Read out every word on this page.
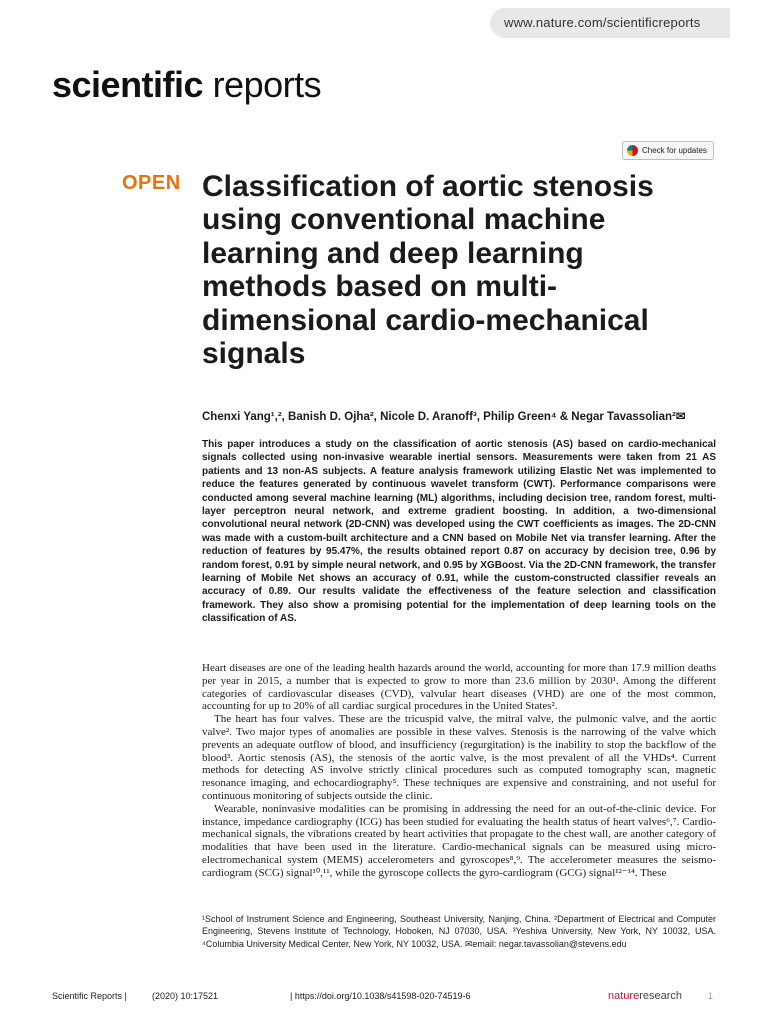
www.nature.com/scientificreports
scientific reports
Check for updates
OPEN Classification of aortic stenosis using conventional machine learning and deep learning methods based on multi-dimensional cardio-mechanical signals
Chenxi Yang¹,², Banish D. Ojha², Nicole D. Aranoff³, Philip Green⁴ & Negar Tavassolian²✉

This paper introduces a study on the classification of aortic stenosis (AS) based on cardio-mechanical signals collected using non-invasive wearable inertial sensors. Measurements were taken from 21 AS patients and 13 non-AS subjects. A feature analysis framework utilizing Elastic Net was implemented to reduce the features generated by continuous wavelet transform (CWT). Performance comparisons were conducted among several machine learning (ML) algorithms, including decision tree, random forest, multi-layer perceptron neural network, and extreme gradient boosting. In addition, a two-dimensional convolutional neural network (2D-CNN) was developed using the CWT coefficients as images. The 2D-CNN was made with a custom-built architecture and a CNN based on Mobile Net via transfer learning. After the reduction of features by 95.47%, the results obtained report 0.87 on accuracy by decision tree, 0.96 by random forest, 0.91 by simple neural network, and 0.95 by XGBoost. Via the 2D-CNN framework, the transfer learning of Mobile Net shows an accuracy of 0.91, while the custom-constructed classifier reveals an accuracy of 0.89. Our results validate the effectiveness of the feature selection and classification framework. They also show a promising potential for the implementation of deep learning tools on the classification of AS.

Heart diseases are one of the leading health hazards around the world, accounting for more than 17.9 million deaths per year in 2015, a number that is expected to grow to more than 23.6 million by 2030¹. Among the different categories of cardiovascular diseases (CVD), valvular heart diseases (VHD) are one of the most common, accounting for up to 20% of all cardiac surgical procedures in the United States².

The heart has four valves. These are the tricuspid valve, the mitral valve, the pulmonic valve, and the aortic valve². Two major types of anomalies are possible in these valves. Stenosis is the narrowing of the valve which prevents an adequate outflow of blood, and insufficiency (regurgitation) is the inability to stop the backflow of the blood³. Aortic stenosis (AS), the stenosis of the aortic valve, is the most prevalent of all the VHDs⁴. Current methods for detecting AS involve strictly clinical procedures such as computed tomography scan, magnetic resonance imaging, and echocardiography⁵. These techniques are expensive and constraining, and not useful for continuous monitoring of subjects outside the clinic.

Wearable, noninvasive modalities can be promising in addressing the need for an out-of-the-clinic device. For instance, impedance cardiography (ICG) has been studied for evaluating the health status of heart valves⁶,⁷. Cardio-mechanical signals, the vibrations created by heart activities that propagate to the chest wall, are another category of modalities that have been used in the literature. Cardio-mechanical signals can be measured using micro-electromechanical system (MEMS) accelerometers and gyroscopes⁸,⁹. The accelerometer measures the seismo-cardiogram (SCG) signal¹⁰,¹¹, while the gyroscope collects the gyro-cardiogram (GCG) signal¹²⁻¹⁴. These

¹School of Instrument Science and Engineering, Southeast University, Nanjing, China. ²Department of Electrical and Computer Engineering, Stevens Institute of Technology, Hoboken, NJ 07030, USA. ³Yeshiva University, New York, NY 10032, USA. ⁴Columbia University Medical Center, New York, NY 10032, USA. ✉email: negar.tavassolian@stevens.edu

Scientific Reports |	(2020) 10:17521	| https://doi.org/10.1038/s41598-020-74519-6	natureresearch	1
